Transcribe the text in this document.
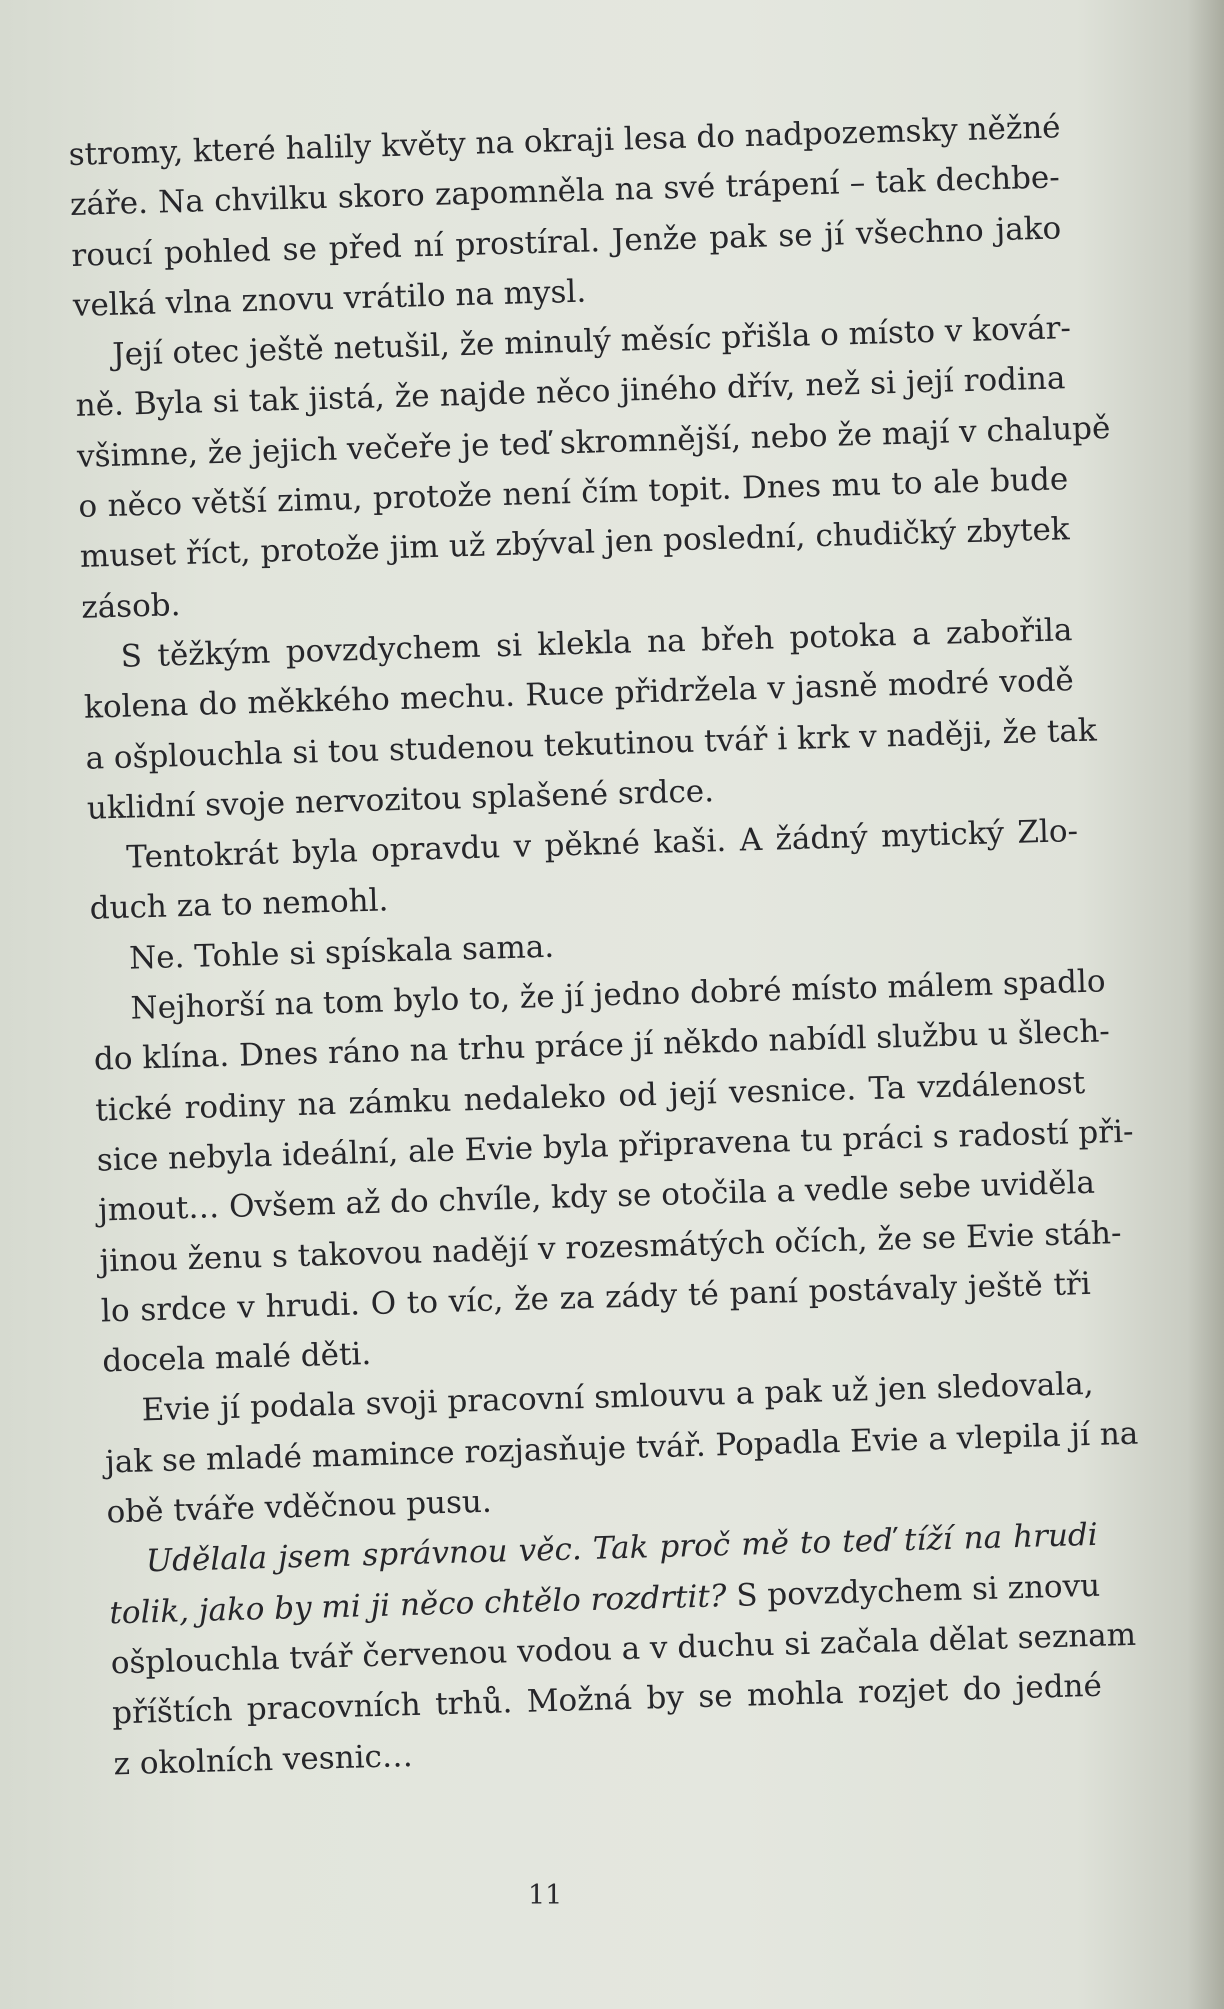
stromy, které halily květy na okraji lesa do nadpozemsky něžné
záře. Na chvilku skoro zapomněla na své trápení – tak dechbe-
roucí pohled se před ní prostíral. Jenže pak se jí všechno jako
velká vlna znovu vrátilo na mysl.
Její otec ještě netušil, že minulý měsíc přišla o místo v kovár-
ně. Byla si tak jistá, že najde něco jiného dřív, než si její rodina
všimne, že jejich večeře je teď skromnější, nebo že mají v chalupě
o něco větší zimu, protože není čím topit. Dnes mu to ale bude
muset říct, protože jim už zbýval jen poslední, chudičký zbytek
zásob.
S těžkým povzdychem si klekla na břeh potoka a zabořila
kolena do měkkého mechu. Ruce přidržela v jasně modré vodě
a ošplouchla si tou studenou tekutinou tvář i krk v naději, že tak
uklidní svoje nervozitou splašené srdce.
Tentokrát byla opravdu v pěkné kaši. A žádný mytický Zlo-
duch za to nemohl.
Ne. Tohle si spískala sama.
Nejhorší na tom bylo to, že jí jedno dobré místo málem spadlo
do klína. Dnes ráno na trhu práce jí někdo nabídl službu u šlech-
tické rodiny na zámku nedaleko od její vesnice. Ta vzdálenost
sice nebyla ideální, ale Evie byla připravena tu práci s radostí při-
jmout… Ovšem až do chvíle, kdy se otočila a vedle sebe uviděla
jinou ženu s takovou nadějí v rozesmátých očích, že se Evie stáh-
lo srdce v hrudi. O to víc, že za zády té paní postávaly ještě tři
docela malé děti.
Evie jí podala svoji pracovní smlouvu a pak už jen sledovala,
jak se mladé mamince rozjasňuje tvář. Popadla Evie a vlepila jí na
obě tváře vděčnou pusu.
Udělala jsem správnou věc. Tak proč mě to teď tíží na hrudi
tolik, jako by mi ji něco chtělo rozdrtit? S povzdychem si znovu
ošplouchla tvář červenou vodou a v duchu si začala dělat seznam
příštích pracovních trhů. Možná by se mohla rozjet do jedné
z okolních vesnic…
11
